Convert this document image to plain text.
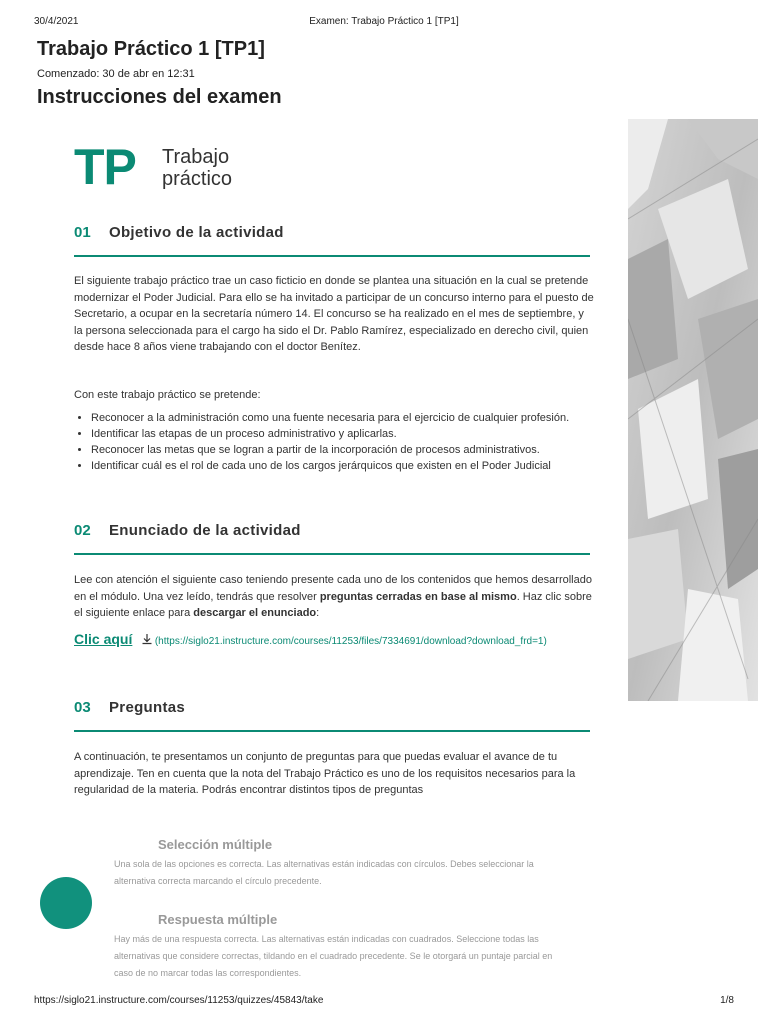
30/4/2021	Examen: Trabajo Práctico 1 [TP1]
Trabajo Práctico 1 [TP1]
Comenzado: 30 de abr en 12:31
Instrucciones del examen
TP Trabajo
práctico
01 Objetivo de la actividad
El siguiente trabajo práctico trae un caso ficticio en donde se plantea una situación en la cual se pretende modernizar el Poder Judicial. Para ello se ha invitado a participar de un concurso interno para el puesto de Secretario, a ocupar en la secretaría número 14. El concurso se ha realizado en el mes de septiembre, y la persona seleccionada para el cargo ha sido el Dr. Pablo Ramírez, especializado en derecho civil, quien desde hace 8 años viene trabajando con el doctor Benítez.
Con este trabajo práctico se pretende:
• Reconocer a la administración como una fuente necesaria para el ejercicio de cualquier profesión.
• Identificar las etapas de un proceso administrativo y aplicarlas.
• Reconocer las metas que se logran a partir de la incorporación de procesos administrativos.
• Identificar cuál es el rol de cada uno de los cargos jerárquicos que existen en el Poder Judicial
02 Enunciado de la actividad
Lee con atención el siguiente caso teniendo presente cada uno de los contenidos que hemos desarrollado en el módulo. Una vez leído, tendrás que resolver preguntas cerradas en base al mismo. Haz clic sobre el siguiente enlace para descargar el enunciado:
Clic aquí (https://siglo21.instructure.com/courses/11253/files/7334691/download?download_frd=1)
03 Preguntas
A continuación, te presentamos un conjunto de preguntas para que puedas evaluar el avance de tu aprendizaje. Ten en cuenta que la nota del Trabajo Práctico es uno de los requisitos necesarios para la regularidad de la materia. Podrás encontrar distintos tipos de preguntas
Selección múltiple
Una sola de las opciones es correcta. Las alternativas están indicadas con círculos. Debes seleccionar la alternativa correcta marcando el círculo precedente.
Respuesta múltiple
Hay más de una respuesta correcta. Las alternativas están indicadas con cuadrados. Seleccione todas las alternativas que considere correctas, tildando en el cuadrado precedente. Se le otorgará un puntaje parcial en caso de no marcar todas las correspondientes.
https://siglo21.instructure.com/courses/11253/quizzes/45843/take	1/8
